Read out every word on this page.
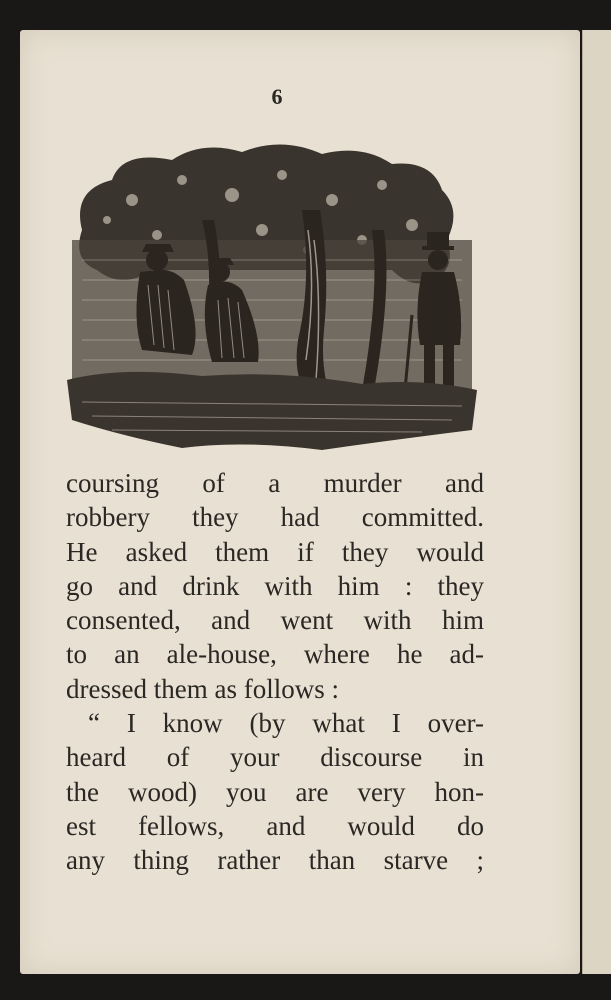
6
coursing of a murder and
robbery they had committed.
He asked them if they would
go and drink with him : they
consented, and went with him
to an ale-house, where he ad-
dressed them as follows :
“ I know (by what I over-
heard of your discourse in
the wood) you are very hon-
est fellows, and would do
any thing rather than starve ;
